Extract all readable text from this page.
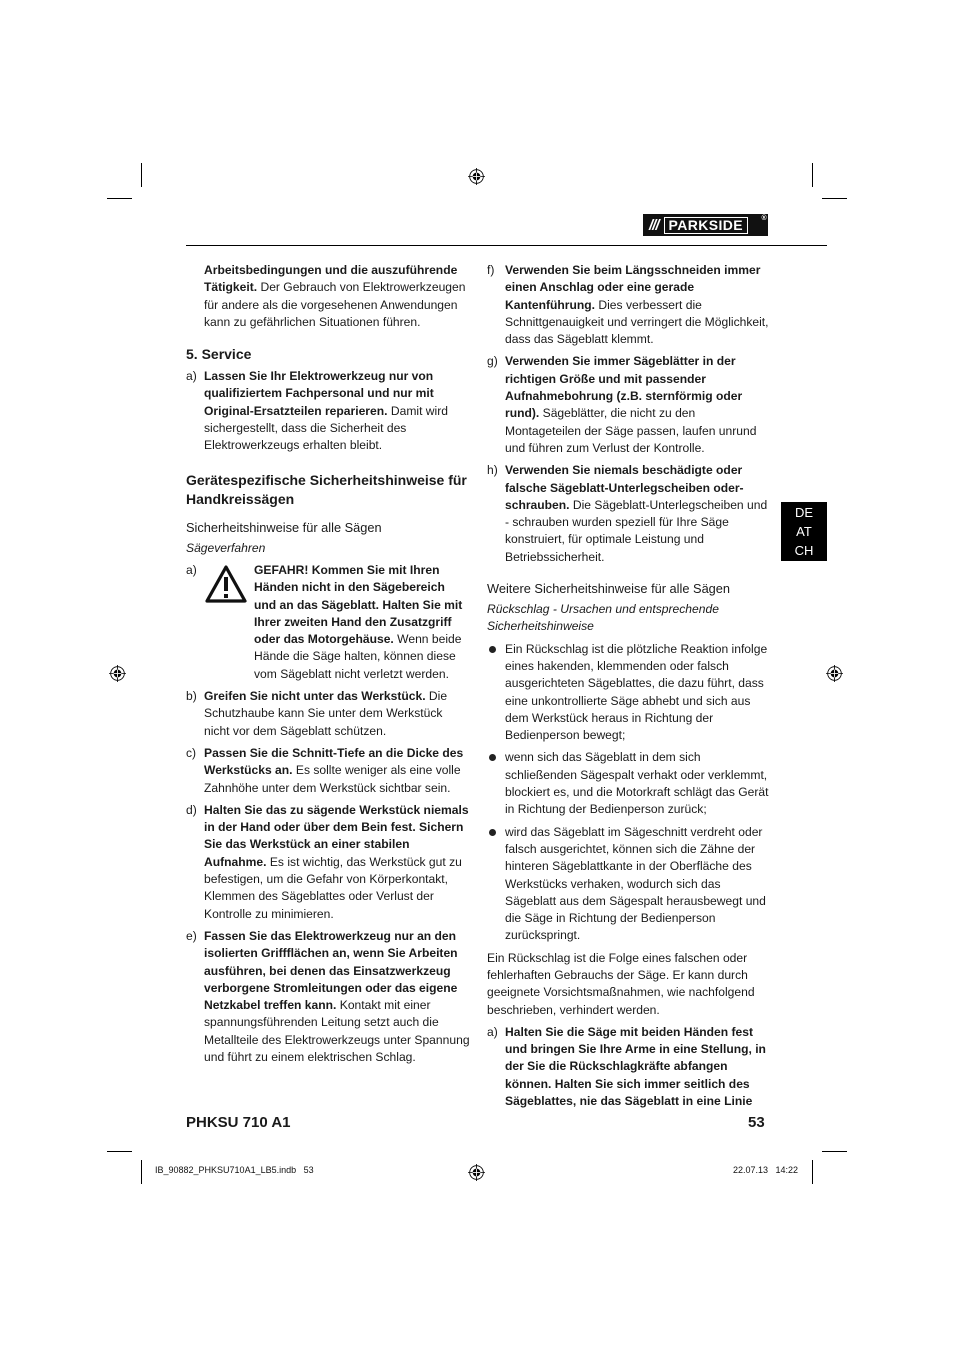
/// PARKSIDE	®

Arbeitsbedingungen und die auszuführende Tätigkeit. Der Gebrauch von Elektrowerkzeugen für andere als die vorgesehenen Anwendungen kann zu gefährlichen Situationen führen.

5. Service
a) Lassen Sie Ihr Elektrowerkzeug nur von qualifiziertem Fachpersonal und nur mit Original-Ersatzteilen reparieren. Damit wird sichergestellt, dass die Sicherheit des Elektrowerkzeugs erhalten bleibt.
Gerätespezifische Sicherheitshinweise für Handkreissägen
Sicherheitshinweise für alle Sägen

Sägeverfahren

a)	GEFAHR! Kommen Sie mit Ihren Händen nicht in den Sägebereich und an das Sägeblatt. Halten Sie mit Ihrer zweiten Hand den Zusatzgriff oder das Motorgehäuse. Wenn beide Hände die Säge halten, können diese vom Sägeblatt nicht verletzt werden.
b) Greifen Sie nicht unter das Werkstück. Die Schutzhaube kann Sie unter dem Werkstück nicht vor dem Sägeblatt schützen.
c) Passen Sie die Schnitt-Tiefe an die Dicke des Werkstücks an. Es sollte weniger als eine volle Zahnhöhe unter dem Werkstück sichtbar sein.
d) Halten Sie das zu sägende Werkstück niemals in der Hand oder über dem Bein fest. Sichern Sie das Werkstück an einer stabilen Aufnahme. Es ist wichtig, das Werkstück gut zu befestigen, um die Gefahr von Körperkontakt, Klemmen des Sägeblattes oder Verlust der Kontrolle zu minimieren.
e) Fassen Sie das Elektrowerkzeug nur an den isolierten Griffflächen an, wenn Sie Arbeiten ausführen, bei denen das Einsatzwerkzeug verborgene Stromleitungen oder das eigene Netzkabel treffen kann. Kontakt mit einer spannungsführenden Leitung setzt auch die Metallteile des Elektrowerkzeugs unter Spannung und führt zu einem elektrischen Schlag.
f) Verwenden Sie beim Längsschneiden immer einen Anschlag oder eine gerade Kantenführung. Dies verbessert die Schnittgenauigkeit und verringert die Möglichkeit, dass das Sägeblatt klemmt.
g) Verwenden Sie immer Sägeblätter in der richtigen Größe und mit passender Aufnahmebohrung (z.B. sternförmig oder rund). Sägeblätter, die nicht zu den Montageteilen der Säge passen, laufen unrund und führen zum Verlust der Kontrolle.
h) Verwenden Sie niemals beschädigte oder falsche Sägeblatt-Unterlegscheiben oder-schrauben. Die Sägeblatt-Unterlegscheiben und - schrauben wurden speziell für Ihre Säge konstruiert, für optimale Leistung und Betriebssicherheit.
Weitere Sicherheitshinweise für alle Sägen

Rückschlag - Ursachen und entsprechende Sicherheitshinweise

Ein Rückschlag ist die plötzliche Reaktion infolge eines hakenden, klemmenden oder falsch ausgerichteten Sägeblattes, die dazu führt, dass eine unkontrollierte Säge abhebt und sich aus dem Werkstück heraus in Richtung der Bedienperson bewegt;
wenn sich das Sägeblatt in dem sich schließenden Sägespalt verhakt oder verklemmt, blockiert es, und die Motorkraft schlägt das Gerät in Richtung der Bedienperson zurück;
wird das Sägeblatt im Sägeschnitt verdreht oder falsch ausgerichtet, können sich die Zähne der hinteren Sägeblattkante in der Oberfläche des Werkstücks verhaken, wodurch sich das Sägeblatt aus dem Sägespalt herausbewegt und die Säge in Richtung der Bedienperson zurückspringt.

Ein Rückschlag ist die Folge eines falschen oder fehlerhaften Gebrauchs der Säge. Er kann durch geeignete Vorsichtsmaßnahmen, wie nachfolgend beschrieben, verhindert werden.

a) Halten Sie die Säge mit beiden Händen fest und bringen Sie Ihre Arme in eine Stellung, in der Sie die Rückschlagkräfte abfangen können. Halten Sie sich immer seitlich des Sägeblattes, nie das Sägeblatt in eine Linie
DE
AT
CH
PHKSU 710 A1	53
IB_90882_PHKSU710A1_LB5.indb   53	22.07.13   14:22
